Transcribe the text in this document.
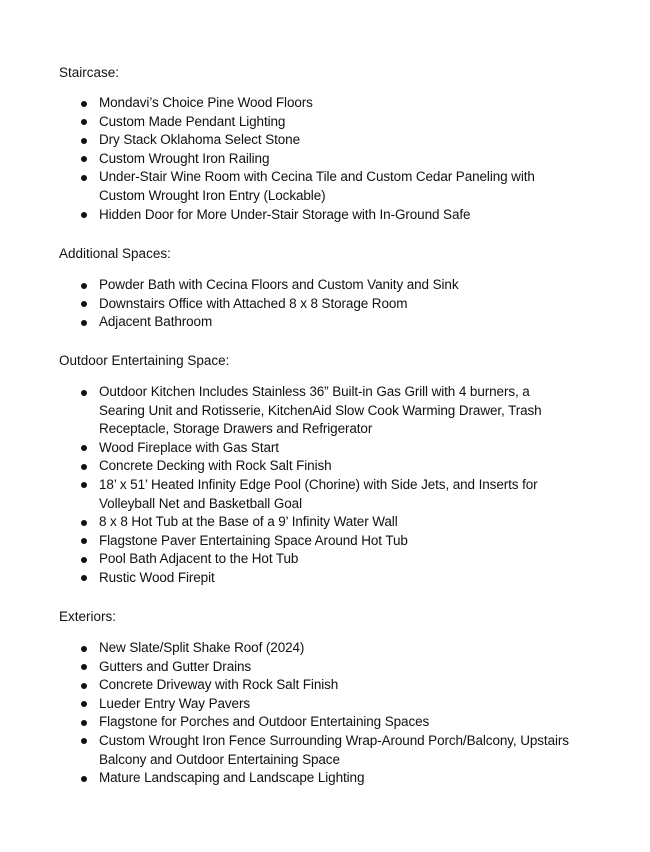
Staircase:
Mondavi’s Choice Pine Wood Floors
Custom Made Pendant Lighting
Dry Stack Oklahoma Select Stone
Custom Wrought Iron Railing
Under-Stair Wine Room with Cecina Tile and Custom Cedar Paneling with Custom Wrought Iron Entry (Lockable)
Hidden Door for More Under-Stair Storage with In-Ground Safe
Additional Spaces:
Powder Bath with Cecina Floors and Custom Vanity and Sink
Downstairs Office with Attached 8 x 8 Storage Room
Adjacent Bathroom
Outdoor Entertaining Space:
Outdoor Kitchen Includes Stainless 36” Built-in Gas Grill with 4 burners, a Searing Unit and Rotisserie, KitchenAid Slow Cook Warming Drawer, Trash Receptacle, Storage Drawers and Refrigerator
Wood Fireplace with Gas Start
Concrete Decking with Rock Salt Finish
18’ x 51’ Heated Infinity Edge Pool (Chorine) with Side Jets, and Inserts for Volleyball Net and Basketball Goal
8 x 8 Hot Tub at the Base of a 9’ Infinity Water Wall
Flagstone Paver Entertaining Space Around Hot Tub
Pool Bath Adjacent to the Hot Tub
Rustic Wood Firepit
Exteriors:
New Slate/Split Shake Roof (2024)
Gutters and Gutter Drains
Concrete Driveway with Rock Salt Finish
Lueder Entry Way Pavers
Flagstone for Porches and Outdoor Entertaining Spaces
Custom Wrought Iron Fence Surrounding Wrap-Around Porch/Balcony, Upstairs Balcony and Outdoor Entertaining Space
Mature Landscaping and Landscape Lighting
